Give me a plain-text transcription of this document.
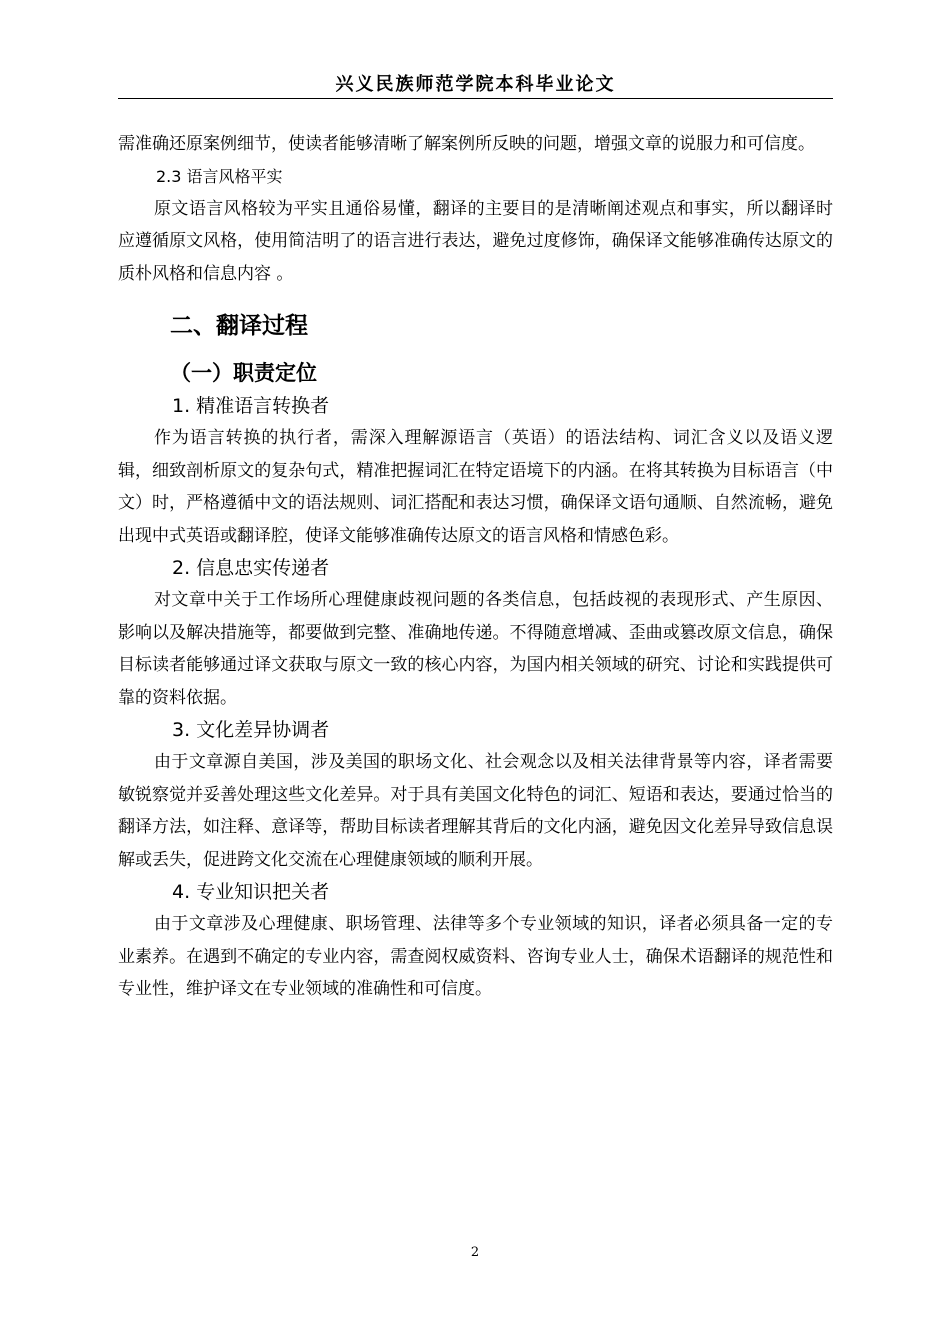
兴义民族师范学院本科毕业论文

需准确还原案例细节，使读者能够清晰了解案例所反映的问题，增强文章的说服力和可信度。

2.3 语言风格平实

原文语言风格较为平实且通俗易懂，翻译的主要目的是清晰阐述观点和事实，所以翻译时应遵循原文风格，使用简洁明了的语言进行表达，避免过度修饰，确保译文能够准确传达原文的质朴风格和信息内容 。

二、翻译过程
（一）职责定位
1. 精准语言转换者

作为语言转换的执行者，需深入理解源语言（英语）的语法结构、词汇含义以及语义逻辑，细致剖析原文的复杂句式，精准把握词汇在特定语境下的内涵。在将其转换为目标语言（中文）时，严格遵循中文的语法规则、词汇搭配和表达习惯，确保译文语句通顺、自然流畅，避免出现中式英语或翻译腔，使译文能够准确传达原文的语言风格和情感色彩。

2. 信息忠实传递者

对文章中关于工作场所心理健康歧视问题的各类信息，包括歧视的表现形式、产生原因、影响以及解决措施等，都要做到完整、准确地传递。不得随意增减、歪曲或篡改原文信息，确保目标读者能够通过译文获取与原文一致的核心内容，为国内相关领域的研究、讨论和实践提供可靠的资料依据。

3. 文化差异协调者

由于文章源自美国，涉及美国的职场文化、社会观念以及相关法律背景等内容，译者需要敏锐察觉并妥善处理这些文化差异。对于具有美国文化特色的词汇、短语和表达，要通过恰当的翻译方法，如注释、意译等，帮助目标读者理解其背后的文化内涵，避免因文化差异导致信息误解或丢失，促进跨文化交流在心理健康领域的顺利开展。

4. 专业知识把关者

由于文章涉及心理健康、职场管理、法律等多个专业领域的知识，译者必须具备一定的专业素养。在遇到不确定的专业内容，需查阅权威资料、咨询专业人士，确保术语翻译的规范性和专业性，维护译文在专业领域的准确性和可信度。

2
